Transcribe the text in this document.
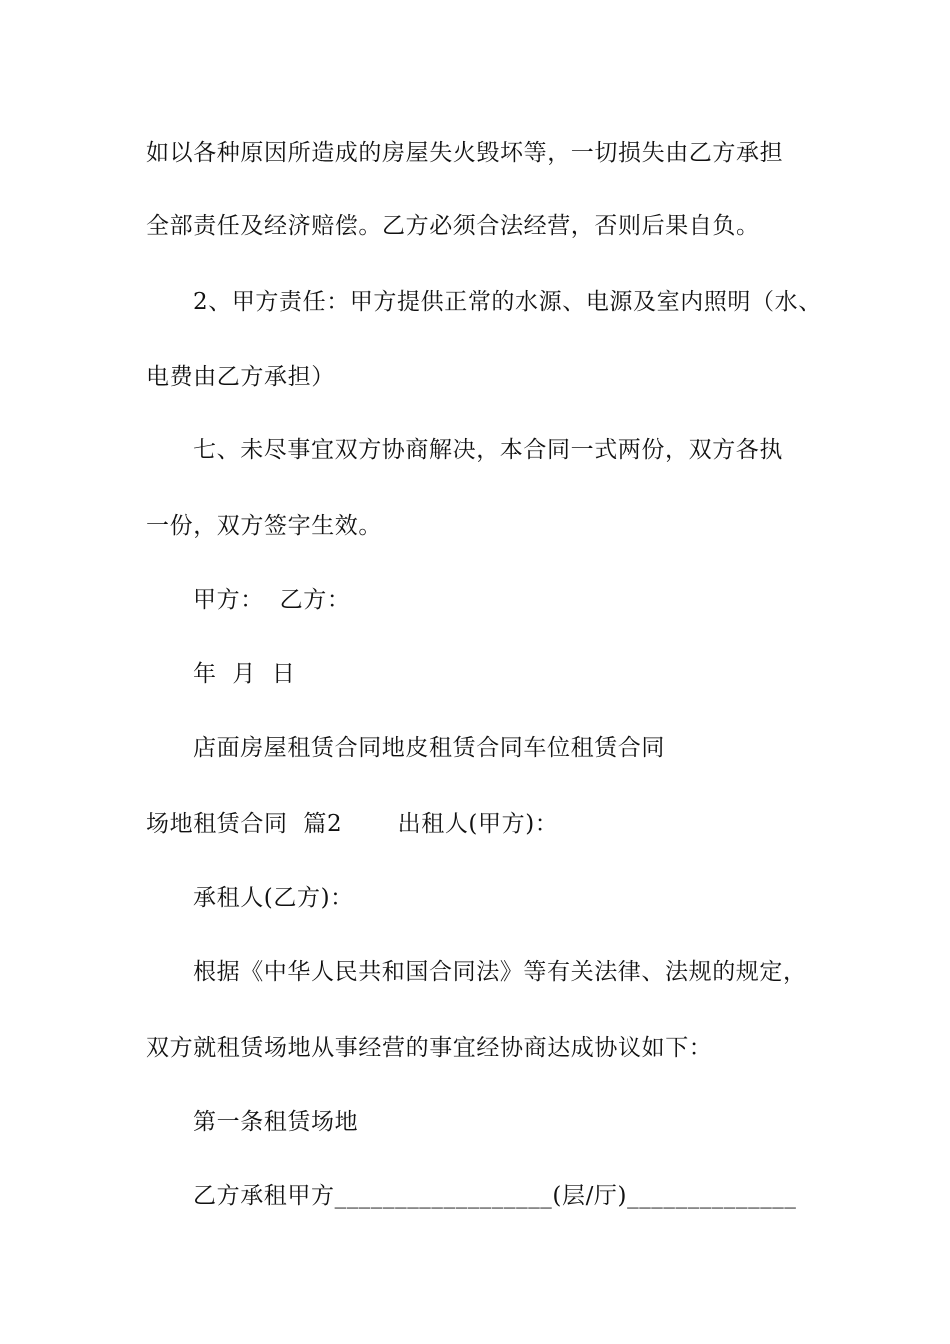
如以各种原因所造成的房屋失火毁坏等，一切损失由乙方承担
全部责任及经济赔偿。乙方必须合法经营，否则后果自负。
2、甲方责任：甲方提供正常的水源、电源及室内照明（水、
电费由乙方承担）
七、未尽事宜双方协商解决，本合同一式两份，双方各执
一份，双方签字生效。
甲方：  乙方：
年  月  日
店面房屋租赁合同地皮租赁合同车位租赁合同
场地租赁合同  篇2       出租人(甲方)：
承租人(乙方)：
根据《中华人民共和国合同法》等有关法律、法规的规定，
双方就租赁场地从事经营的事宜经协商达成协议如下：
第一条租赁场地
乙方承租甲方__________________(层/厅)______________
